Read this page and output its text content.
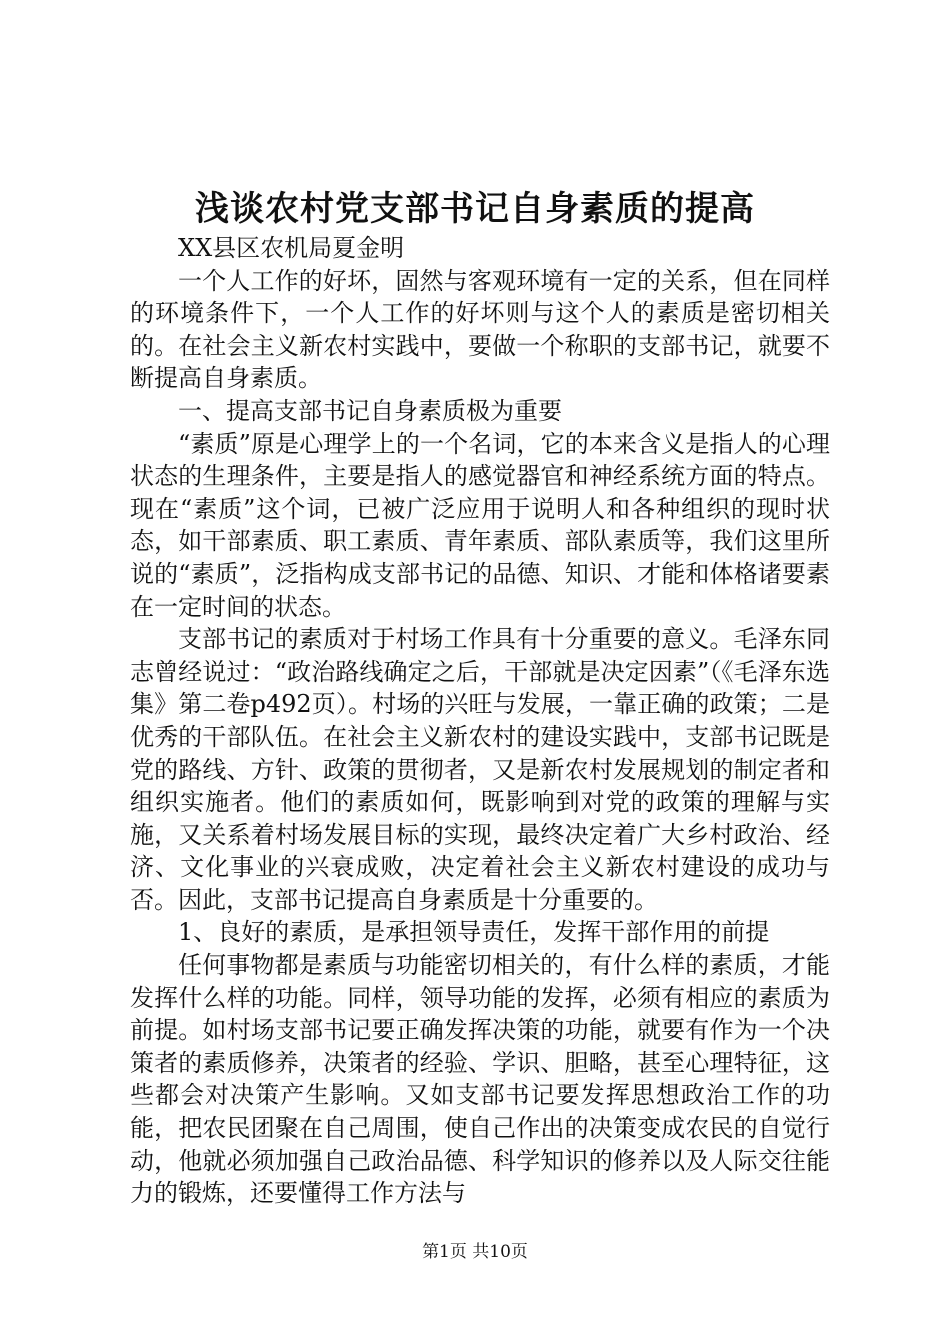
浅谈农村党支部书记自身素质的提高

XX县区农机局夏金明

一个人工作的好坏，固然与客观环境有一定的关系，但在同样的环境条件下，一个人工作的好坏则与这个人的素质是密切相关的。在社会主义新农村实践中，要做一个称职的支部书记，就要不断提高自身素质。

一、提高支部书记自身素质极为重要

“素质”原是心理学上的一个名词，它的本来含义是指人的心理状态的生理条件，主要是指人的感觉器官和神经系统方面的特点。现在“素质”这个词，已被广泛应用于说明人和各种组织的现时状态，如干部素质、职工素质、青年素质、部队素质等，我们这里所说的“素质”，泛指构成支部书记的品德、知识、才能和体格诸要素在一定时间的状态。

支部书记的素质对于村场工作具有十分重要的意义。毛泽东同志曾经说过：“政治路线确定之后，干部就是决定因素”（《毛泽东选集》第二卷p492页）。村场的兴旺与发展，一靠正确的政策；二是优秀的干部队伍。在社会主义新农村的建设实践中，支部书记既是党的路线、方针、政策的贯彻者，又是新农村发展规划的制定者和组织实施者。他们的素质如何，既影响到对党的政策的理解与实施，又关系着村场发展目标的实现，最终决定着广大乡村政治、经济、文化事业的兴衰成败，决定着社会主义新农村建设的成功与否。因此，支部书记提高自身素质是十分重要的。

1、良好的素质，是承担领导责任，发挥干部作用的前提

任何事物都是素质与功能密切相关的，有什么样的素质，才能发挥什么样的功能。同样，领导功能的发挥，必须有相应的素质为前提。如村场支部书记要正确发挥决策的功能，就要有作为一个决策者的素质修养，决策者的经验、学识、胆略，甚至心理特征，这些都会对决策产生影响。又如支部书记要发挥思想政治工作的功能，把农民团聚在自己周围，使自己作出的决策变成农民的自觉行动，他就必须加强自己政治品德、科学知识的修养以及人际交往能力的锻炼，还要懂得工作方法与

第1页 共10页
